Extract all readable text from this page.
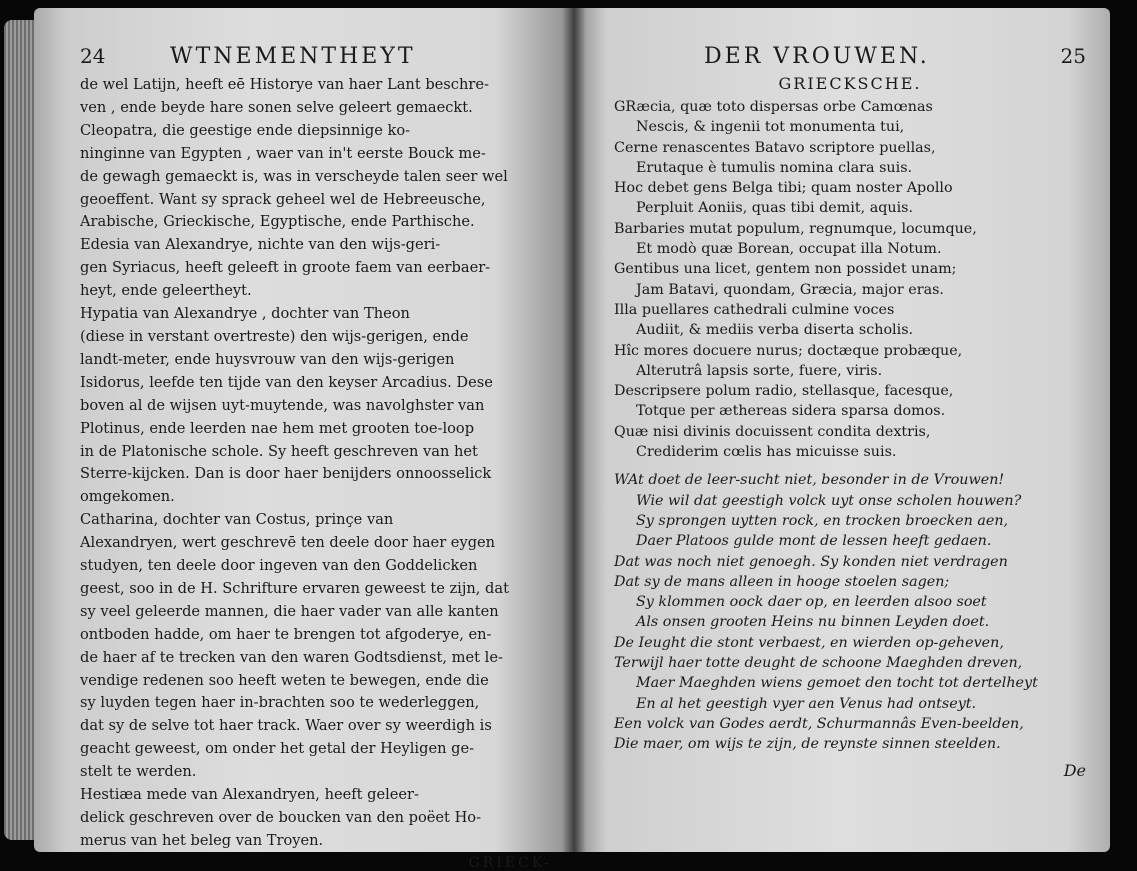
24	WTNEMENTHEYT
de wel Latijn, heeft eē Historye van haer Lant beschre-
ven , ende beyde hare sonen selve geleert gemaeckt.
Cleopatra, die geestige ende diepsinnige ko-
ninginne van Egypten , waer van in't eerste Bouck me-
de gewagh gemaeckt is, was in verscheyde talen seer wel
geoeffent. Want sy sprack geheel wel de Hebreeusche,
Arabische, Grieckische, Egyptische, ende Parthische.
Edesia van Alexandrye, nichte van den wijs-geri-
gen Syriacus, heeft geleeft in groote faem van eerbaer-
heyt, ende geleertheyt.
Hypatia van Alexandrye , dochter van Theon
(diese in verstant overtreste) den wijs-gerigen, ende
landt-meter, ende huysvrouw van den wijs-gerigen
Isidorus, leefde ten tijde van den keyser Arcadius. Dese
boven al de wijsen uyt-muytende, was navolghster van
Plotinus, ende leerden nae hem met grooten toe-loop
in de Platonische schole. Sy heeft geschreven van het
Sterre-kijcken. Dan is door haer benijders onnoosselick
omgekomen.
Catharina, dochter van Costus, prinçe van
Alexandryen, wert geschrevē ten deele door haer eygen
studyen, ten deele door ingeven van den Goddelicken
geest, soo in de H. Schrifture ervaren geweest te zijn, dat
sy veel geleerde mannen, die haer vader van alle kanten
ontboden hadde, om haer te brengen tot afgoderye, en-
de haer af te trecken van den waren Godtsdienst, met le-
vendige redenen soo heeft weten te bewegen, ende die
sy luyden tegen haer in-brachten soo te wederleggen,
dat sy de selve tot haer track. Waer over sy weerdigh is
geacht geweest, om onder het getal der Heyligen ge-
stelt te werden.
Hestiæa mede van Alexandryen, heeft geleer-
delick geschreven over de boucken van den poëet Ho-
merus van het beleg van Troyen.
GRIECK-
DER VROUWEN.	25
GRIECKSCHE.
GRæcia, quæ toto dispersas orbe Camœnas
Nescis, & ingenii tot monumenta tui,
Cerne renascentes Batavo scriptore puellas,
Erutaque è tumulis nomina clara suis.
Hoc debet gens Belga tibi; quam noster Apollo
Perpluit Aoniis, quas tibi demit, aquis.
Barbaries mutat populum, regnumque, locumque,
Et modò quæ Borean, occupat illa Notum.
Gentibus una licet, gentem non possidet unam;
Jam Batavi, quondam, Græcia, major eras.
Illa puellares cathedrali culmine voces
Audiit, & mediis verba diserta scholis.
Hîc mores docuere nurus; doctæque probæque,
Alterutrâ lapsis sorte, fuere, viris.
Descripsere polum radio, stellasque, facesque,
Totque per æthereas sidera sparsa domos.
Quæ nisi divinis docuissent condita dextris,
Crediderim cœlis has micuisse suis.
WAt doet de leer-sucht niet, besonder in de Vrouwen!
Wie wil dat geestigh volck uyt onse scholen houwen?
Sy sprongen uytten rock, en trocken broecken aen,
Daer Platoos gulde mont de lessen heeft gedaen.
Dat was noch niet genoegh. Sy konden niet verdragen
Dat sy de mans alleen in hooge stoelen sagen;
Sy klommen oock daer op, en leerden alsoo soet
Als onsen grooten Heins nu binnen Leyden doet.
De Ieught die stont verbaest, en wierden op-geheven,
Terwijl haer totte deught de schoone Maeghden dreven,
Maer Maeghden wiens gemoet den tocht tot dertelheyt
En al het geestigh vyer aen Venus had ontseyt.
Een volck van Godes aerdt, Schurmannâs Even-beelden,
Die maer, om wijs te zijn, de reynste sinnen steelden.
De
